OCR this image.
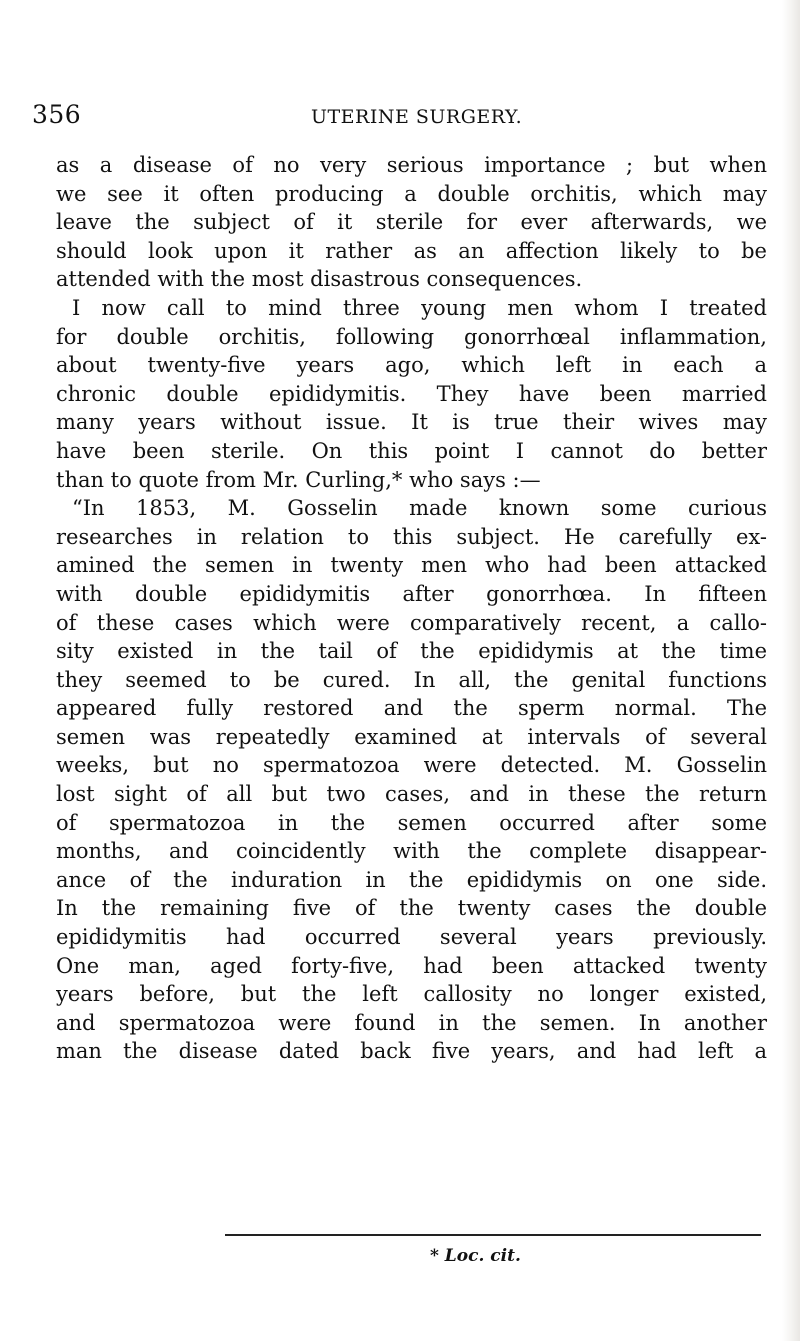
356	UTERINE SURGERY.
as a disease of no very serious importance ; but when
we see it often producing a double orchitis, which may
leave the subject of it sterile for ever afterwards, we
should look upon it rather as an affection likely to be
attended with the most disastrous consequences.
I now call to mind three young men whom I treated
for double orchitis, following gonorrhœal inflammation,
about twenty-five years ago, which left in each a
chronic double epididymitis. They have been married
many years without issue. It is true their wives may
have been sterile. On this point I cannot do better
than to quote from Mr. Curling,* who says :—
“In 1853, M. Gosselin made known some curious
researches in relation to this subject. He carefully ex-
amined the semen in twenty men who had been attacked
with double epididymitis after gonorrhœa. In fifteen
of these cases which were comparatively recent, a callo-
sity existed in the tail of the epididymis at the time
they seemed to be cured. In all, the genital functions
appeared fully restored and the sperm normal. The
semen was repeatedly examined at intervals of several
weeks, but no spermatozoa were detected. M. Gosselin
lost sight of all but two cases, and in these the return
of spermatozoa in the semen occurred after some
months, and coincidently with the complete disappear-
ance of the induration in the epididymis on one side.
In the remaining five of the twenty cases the double
epididymitis had occurred several years previously.
One man, aged forty-five, had been attacked twenty
years before, but the left callosity no longer existed,
and spermatozoa were found in the semen. In another
man the disease dated back five years, and had left a
* Loc. cit.
